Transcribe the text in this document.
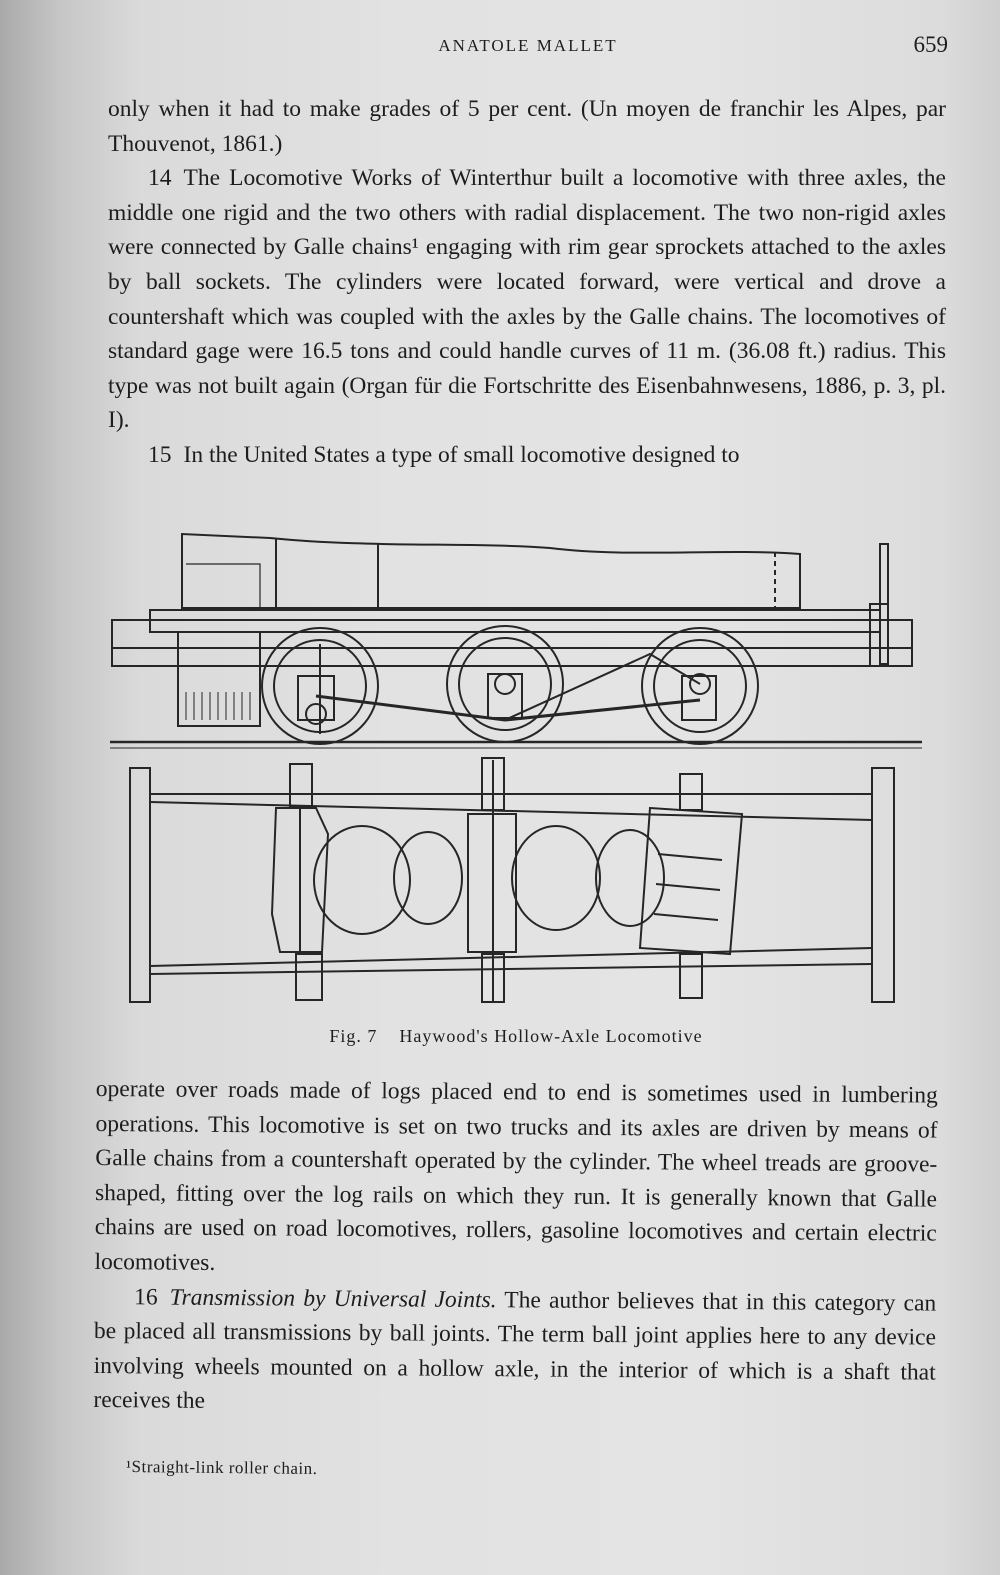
ANATOLE MALLET	659

only when it had to make grades of 5 per cent. (Un moyen de franchir les Alpes, par Thouvenot, 1861.)

14 The Locomotive Works of Winterthur built a locomotive with three axles, the middle one rigid and the two others with radial displacement. The two non-rigid axles were connected by Galle chains¹ engaging with rim gear sprockets attached to the axles by ball sockets. The cylinders were located forward, were vertical and drove a countershaft which was coupled with the axles by the Galle chains. The locomotives of standard gage were 16.5 tons and could handle curves of 11 m. (36.08 ft.) radius. This type was not built again (Organ für die Fortschritte des Eisenbahnwesens, 1886, p. 3, pl. I).

15 In the United States a type of small locomotive designed to

Fig. 7 Haywood's Hollow-Axle Locomotive

operate over roads made of logs placed end to end is sometimes used in lumbering operations. This locomotive is set on two trucks and its axles are driven by means of Galle chains from a countershaft operated by the cylinder. The wheel treads are groove-shaped, fitting over the log rails on which they run. It is generally known that Galle chains are used on road locomotives, rollers, gasoline locomotives and certain electric locomotives.

16 Transmission by Universal Joints. The author believes that in this category can be placed all transmissions by ball joints. The term ball joint applies here to any device involving wheels mounted on a hollow axle, in the interior of which is a shaft that receives the

¹Straight-link roller chain.
